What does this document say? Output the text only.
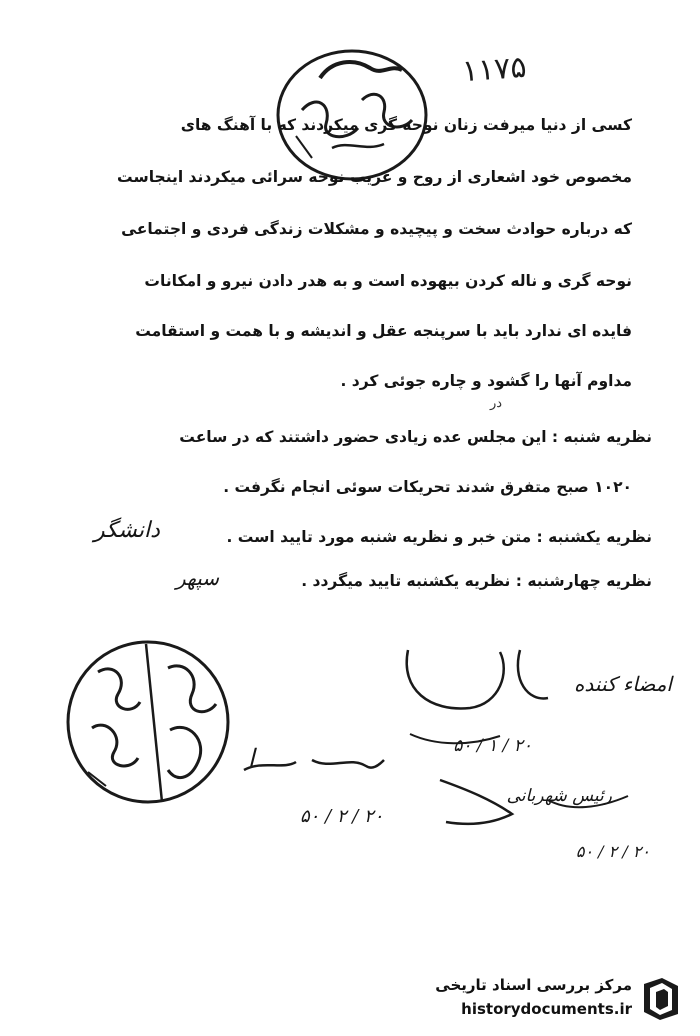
۱۱۷۵
کسی از دنیا میرفت زنان نوحه گری میکردند که با آهنگ های
مخصوص خود اشعاری از روح و غریب نوحه سرائی میکردند اینجاست
که درباره حوادث سخت و پیچیده و مشکلات زندگی فردی و اجتماعی
نوحه گری و ناله کردن بیهوده است و به هدر دادن نیرو و امکانات
فایده ای ندارد باید با سرپنجه عقل و اندیشه و با همت و استقامت
مداوم آنها را گشود و چاره جوئی کرد .
در
نظریه شنبه : این مجلس عده زیادی حضور داشتند که در ساعت
۱۰۲۰ صبح متفرق شدند تحریکات سوئی انجام نگرفت .
نظریه یکشنبه : متن خبر و نظریه شنبه مورد تایید است .
نظریه چهارشنبه : نظریه یکشنبه تایید میگردد .
دانشگر
سپهر
امضاء کننده
۲۰ / ۱ / ۵۰
ا
رئیس شهربانی
۲۰ / ۲ / ۵۰
۲۰ / ۲ / ۵۰
مرکز بررسی اسناد تاریخی
historydocuments.ir
